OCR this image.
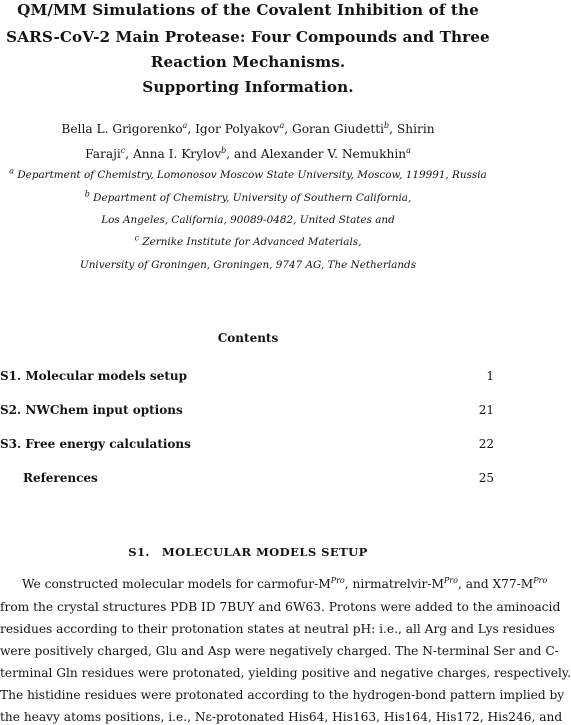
QM/MM Simulations of the Covalent Inhibition of the
SARS-CoV-2 Main Protease: Four Compounds and Three
Reaction Mechanisms.
Supporting Information.
Bella L. Grigorenko$^a$, Igor Polyakov$^a$, Goran Giudetti$^b$, Shirin
Faraji$^c$, Anna I. Krylov$^b$, and Alexander V. Nemukhin$^a$
$^a$ Department of Chemistry, Lomonosov Moscow State University, Moscow, 119991, Russia
$^b$ Department of Chemistry, University of Southern California,
Los Angeles, California, 90089-0482, United States and
$^c$ Zernike Institute for Advanced Materials,
University of Groningen, Groningen, 9747 AG, The Netherlands
Contents
S1. Molecular models setup	1
S2. NWChem input options	21
S3. Free energy calculations	22
References	25
S1. MOLECULAR MODELS SETUP
We constructed molecular models for carmofur-$M^{Pro}$, nirmatrelvir-$M^{Pro}$, and $X77-M^{Pro}$
from the crystal structures PDB ID 7BUY and 6W63. Protons were added to the aminoacid
residues according to their protonation states at neutral pH: i.e., all Arg and Lys residues
were positively charged, Glu and Asp were negatively charged. The N-terminal Ser and C-
terminal Gln residues were protonated, yielding positive and negative charges, respectively.
The histidine residues were protonated according to the hydrogen-bond pattern implied by
the heavy atoms positions, i.e., Nε-protonated His64, His163, His164, His172, His246, and
